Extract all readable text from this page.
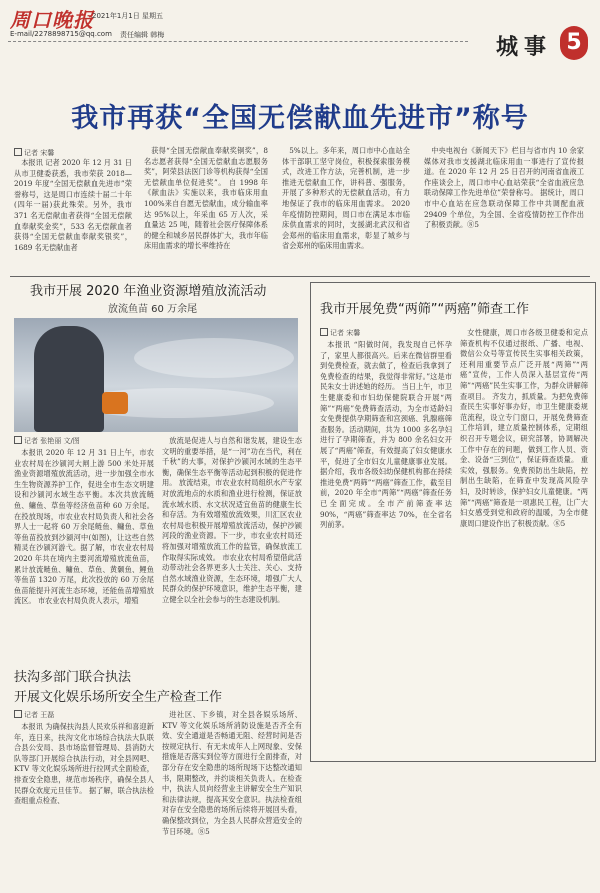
周口晚报
2021年1月1日 星期五
E-mail/2278898715@qq.com 责任编辑 韩梅	城事 5
我市再获“全国无偿献血先进市”称号
记者 宋馨
本报讯 记者 2020 年 12 月 31 日从市卫健委获悉，我市荣获 2018—2019 年度“全国无偿献血先进市”荣誉称号，这是周口市连续十届二十年(四年一届)获此殊荣。另外，我市 371 名无偿献血者获得“全国无偿献血奉献奖金奖”，533 名无偿献血者获得“全国无偿献血奉献奖银奖”，1689 名无偿献血者
获得“全国无偿献血奉献奖铜奖”，8 名志愿者获得“全国无偿献血志愿服务奖”，阿荣县法医门诊等机构获得“全国无偿献血单位促进奖”。 自 1998 年《献血法》实施以来，我市临床用血 100%来自自愿无偿献血，成分输血率达 95%以上，年采血 65 万人次，采血量达 25 吨，随着社会医疗保障体系的健全和城乡居民群体扩大，我市年临床用血需求的增长率维持在
5%以上。多年来，周口市中心血站全体干部职工坚守岗位，积极探索服务模式，改进工作方法，完善机制，进一步推进无偿献血工作，讲科普、强服务，开展了多种形式的无偿献血活动，有力地保证了我市的临床用血需求。 2020 年疫情防控期间，周口市在满足本市临床供血需求的同时，支援湖北武汉和省会郑州的临床用血需求，彰显了城乡与省会郑州的临床用血需求。
中央电视台《新闻天下》栏目与省市内 10 余家媒体对我市支援湖北临床用血一事进行了宣传报道。在 2020 年 12 月 25 日召开的河南省血液工作座谈会上，周口市中心血站荣获“全省血液应急联动保障工作先进单位”荣誉称号。 据统计，周口市中心血站在应急联动保障工作中共调配血液 29409 个单位，为全国、全省疫情防控工作作出了积极贡献。⑧5
我市开展 2020 年渔业资源增殖放流活动
放流鱼苗 60 万余尾
记者 张艳丽 文/图
本报讯 2020 年 12 月 31 日上午，市农业农村局在沙颍河大闸上游 500 米处开展渔业资源增殖放流活动，进一步加强全市水生生物资源养护工作，促进全市生态文明建设和沙颍河水域生态平衡。本次共放流鲢鱼、鳙鱼、草鱼等经济鱼苗种 60 万余尾。 在投放现场，市农业农村局负责人和社会各界人士一起将 60 万余尾鲢鱼、鳙鱼、草鱼等鱼苗投放到沙颍河中(如图)，让这些自然精灵在沙颍河游弋。据了解，市农业农村局 2020 年共在境内主要河流增殖放流鱼苗，累计放流鲢鱼、鳙鱼、草鱼、黄颡鱼、鲤鱼等鱼苗 1320 万尾，此次投放的 60 万余尾鱼苗能提升河流生态环境，还能鱼苗增殖放流区。 市农业农村局负责人表示，增殖
放流是促进人与自然和谐发展，建设生态文明的重要举措，是“一河”功在当代，利在千秋”的大事，对保护沙颍河水域的生态平衡，确保生态平衡等活动起到积极的促进作用。 放流结束，市农业农村局组织水产专家对放流地点的水质和渔业进行检测，保证放流水域水质、水文状况适宜鱼苗的健康生长和存活。为有效增殖放流效果，川汇区农业农村局也积极开展增殖放流活动，保护沙颍河段的渔业资源。下一步，市农业农村局还将加强对增殖放流工作的监管，确保放流工作取得实际成效。 市农业农村局希望借此活动带动社会各界更多人士关注、关心、支持自然水域渔业资源，生态环境，增强广大人民群众的保护环境意识，维护生态平衡，建立健全以全社会参与的生态建设机制。
我市开展免费“两筛”“两癌”筛查工作
记者 宋馨
本报讯 “阳做时间，我发现自己怀孕了，家里人都很高兴。后来在微信群里看到免费检查，就去做了，检查后我拿到了免费检查的结果，我觉得非常好。”这是市民朱女士讲述她的经历。 当日上午，市卫生健康委和市妇幼保健院联合开展“两筛”“两癌”免费筛查活动，为全市适龄妇女免费提供孕期筛查和宫颈癌、乳腺癌筛查服务。活动期间，共为 1000 多名孕妇进行了孕期筛查，并为 800 余名妇女开展了“两癌”筛查，有效提高了妇女健康水平，促进了全市妇女儿童健康事业发展。 据介绍，我市各级妇幼保健机构都在持续推进免费“两筛”“两癌”筛查工作，截至目前，2020 年全市“两筛”“两癌”筛查任务已全面完成。全市产前筛查率达 90%，“两癌”筛查率达 70%，在全省名列前茅。
女性健康，周口市各级卫健委和定点筛查机构不仅通过报纸、广播、电视、微信公众号等宣传民生实事相关政策，还利用重要节点广泛开展“两筛”“两癌”宣传，工作人员深入基层宣传“两筛”“两癌”民生实事工作，为群众讲解筛查项目。 齐发力，抓质量。为把免费筛查民生实事好事办好，市卫生健康委规范流程，设立专门窗口，开展免费筛查工作培训，建立质量控制体系，定期组织召开专题会议，研究部署，协调解决工作中存在的问题，做到工作人员、资金、设备“三到位”，保证筛查质量。 重实效，强服务。免费预防出生缺陷，控制出生缺陷，在筛查中发现高风险孕妇，及时转诊，保护妇女儿童健康。“两筛”“两癌”筛查是一项惠民工程，让广大妇女感受到党和政府的温暖，为全市健康周口建设作出了积极贡献。⑧5
扶沟多部门联合执法
开展文化娱乐场所安全生产检查工作
记者 王磊
本报讯 为确保扶沟县人民欢乐祥和喜迎新年，连日来，扶沟文化市场综合执法大队联合县公安局、县市场监督管理局、县消防大队等部门开展综合执法行动，对全县网吧、KTV 等文化娱乐场所进行拉网式全面检查，排查安全隐患，规范市场秩序，确保全县人民群众欢度元旦佳节。 据了解，联合执法检查组重点检查、
进社区、下乡镇，对全县各娱乐场所、KTV 等文化娱乐场所消防设施是否齐全有效、安全通道是否畅通无阻、经营时间是否按规定执行、有无未成年人上网现象、安保措施是否落实到位等方面进行全面排查，对部分存在安全隐患的场所现场下达整改通知书，限期整改，并约谈相关负责人。在检查中，执法人员向经营业主讲解安全生产知识和法律法规，提高其安全意识。执法检查组对存在安全隐患的场所后续将开展回头看，确保整改到位，为全县人民群众营造安全的节日环境。⑧5
